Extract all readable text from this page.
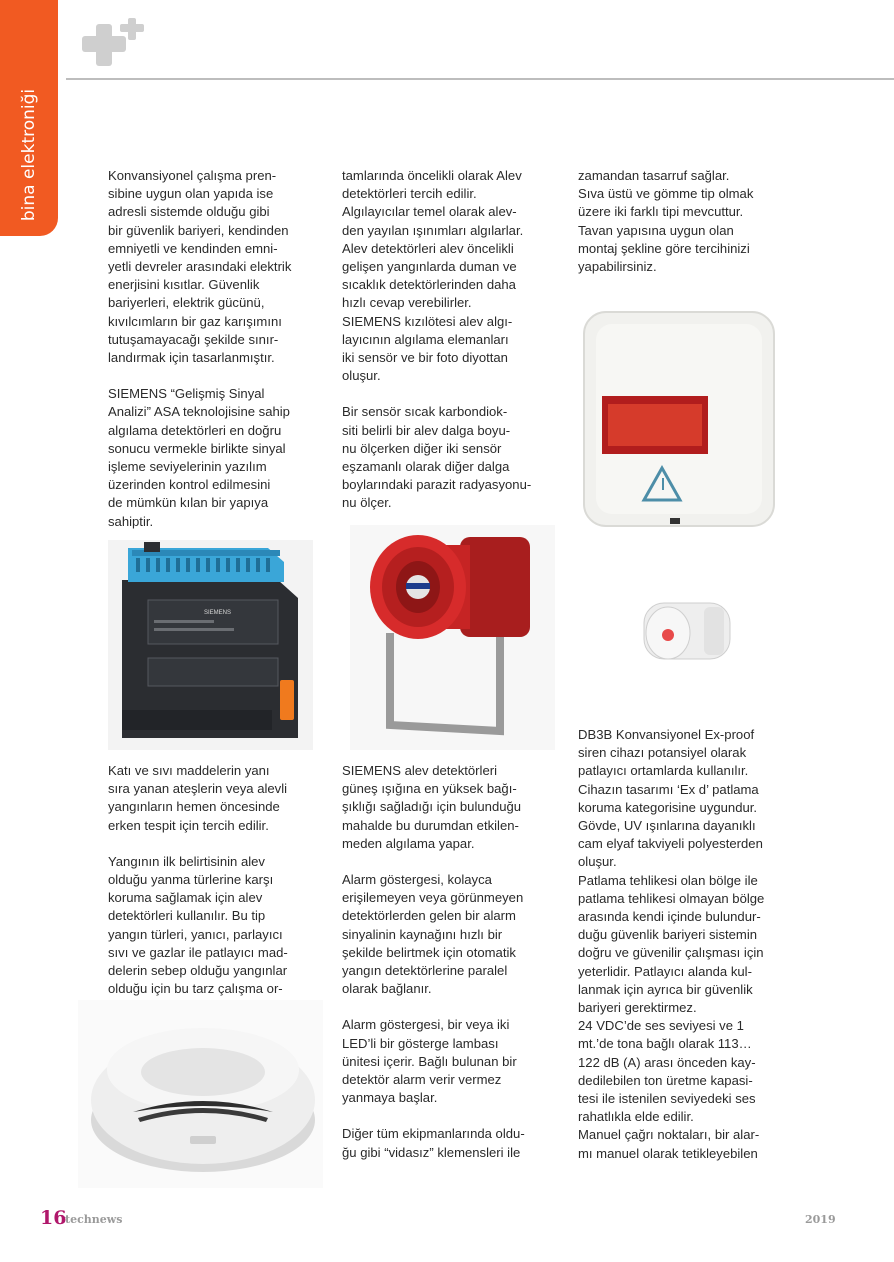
bina elektroniği	Konvansiyonel çalışma pren-
sibine uygun olan yapıda ise
adresli sistemde olduğu gibi
bir güvenlik bariyeri, kendinden
emniyetli ve kendinden emni-
yetli devreler arasındaki elektrik
enerjisini kısıtlar. Güvenlik
bariyerleri, elektrik gücünü,
kıvılcımların bir gaz karışımını
tutuşamayacağı şekilde sınır-
landırmak için tasarlanmıştır.

SIEMENS “Gelişmiş Sinyal
Analizi” ASA teknolojisine sahip
algılama detektörleri en doğru
sonucu vermekle birlikte sinyal
işleme seviyelerinin yazılım
üzerinden kontrol edilmesini
de mümkün kılan bir yapıya
sahiptir.

SIEMENS

Katı ve sıvı maddelerin yanı
sıra yanan ateşlerin veya alevli
yangınların hemen öncesinde
erken tespit için tercih edilir.

Yangının ilk belirtisinin alev
olduğu yanma türlerine karşı
koruma sağlamak için alev
detektörleri kullanılır. Bu tip
yangın türleri, yanıcı, parlayıcı
sıvı ve gazlar ile patlayıcı mad-
delerin sebep olduğu yangınlar
olduğu için bu tarz çalışma or-

tamlarında öncelikli olarak Alev
detektörleri tercih edilir.
Algılayıcılar temel olarak alev-
den yayılan ışınımları algılarlar.
Alev detektörleri alev öncelikli
gelişen yangınlarda duman ve
sıcaklık detektörlerinden daha
hızlı cevap verebilirler.
SIEMENS kızılötesi alev algı-
layıcının algılama elemanları
iki sensör ve bir foto diyottan
oluşur.

Bir sensör sıcak karbondiok-
siti belirli bir alev dalga boyu-
nu ölçerken diğer iki sensör
eşzamanlı olarak diğer dalga
boylarındaki parazit radyasyonu-
nu ölçer.

SIEMENS alev detektörleri
güneş ışığına en yüksek bağı-
şıklığı sağladığı için bulunduğu
mahalde bu durumdan etkilen-
meden algılama yapar.

Alarm göstergesi, kolayca
erişilemeyen veya görünmeyen
detektörlerden gelen bir alarm
sinyalinin kaynağını hızlı bir
şekilde belirtmek için otomatik
yangın detektörlerine paralel
olarak bağlanır.

Alarm göstergesi, bir veya iki
LED’li bir gösterge lambası
ünitesi içerir. Bağlı bulunan bir
detektör alarm verir vermez
yanmaya başlar.

Diğer tüm ekipmanlarında oldu-
ğu gibi “vidasız” klemensleri ile

zamandan tasarruf sağlar.
Sıva üstü ve gömme tip olmak
üzere iki farklı tipi mevcuttur.
Tavan yapısına uygun olan
montaj şekline göre tercihinizi
yapabilirsiniz.

DB3B Konvansiyonel Ex-proof
siren cihazı potansiyel olarak
patlayıcı ortamlarda kullanılır.
Cihazın tasarımı ‘Ex d’ patlama
koruma kategorisine uygundur.
Gövde, UV ışınlarına dayanıklı
cam elyaf takviyeli polyesterden
oluşur.
Patlama tehlikesi olan bölge ile
patlama tehlikesi olmayan bölge
arasında kendi içinde bulundur-
duğu güvenlik bariyeri sistemin
doğru ve güvenilir çalışması için
yeterlidir. Patlayıcı alanda kul-
lanmak için ayrıca bir güvenlik
bariyeri gerektirmez.
24 VDC’de ses seviyesi ve 1
mt.’de tona bağlı olarak 113…
122 dB (A) arası önceden kay-
dedilebilen ton üretme kapasi-
tesi ile istenilen seviyedeki ses
rahatlıkla elde edilir.
Manuel çağrı noktaları, bir alar-
mı manuel olarak tetikleyebilen

16
technews	2019
